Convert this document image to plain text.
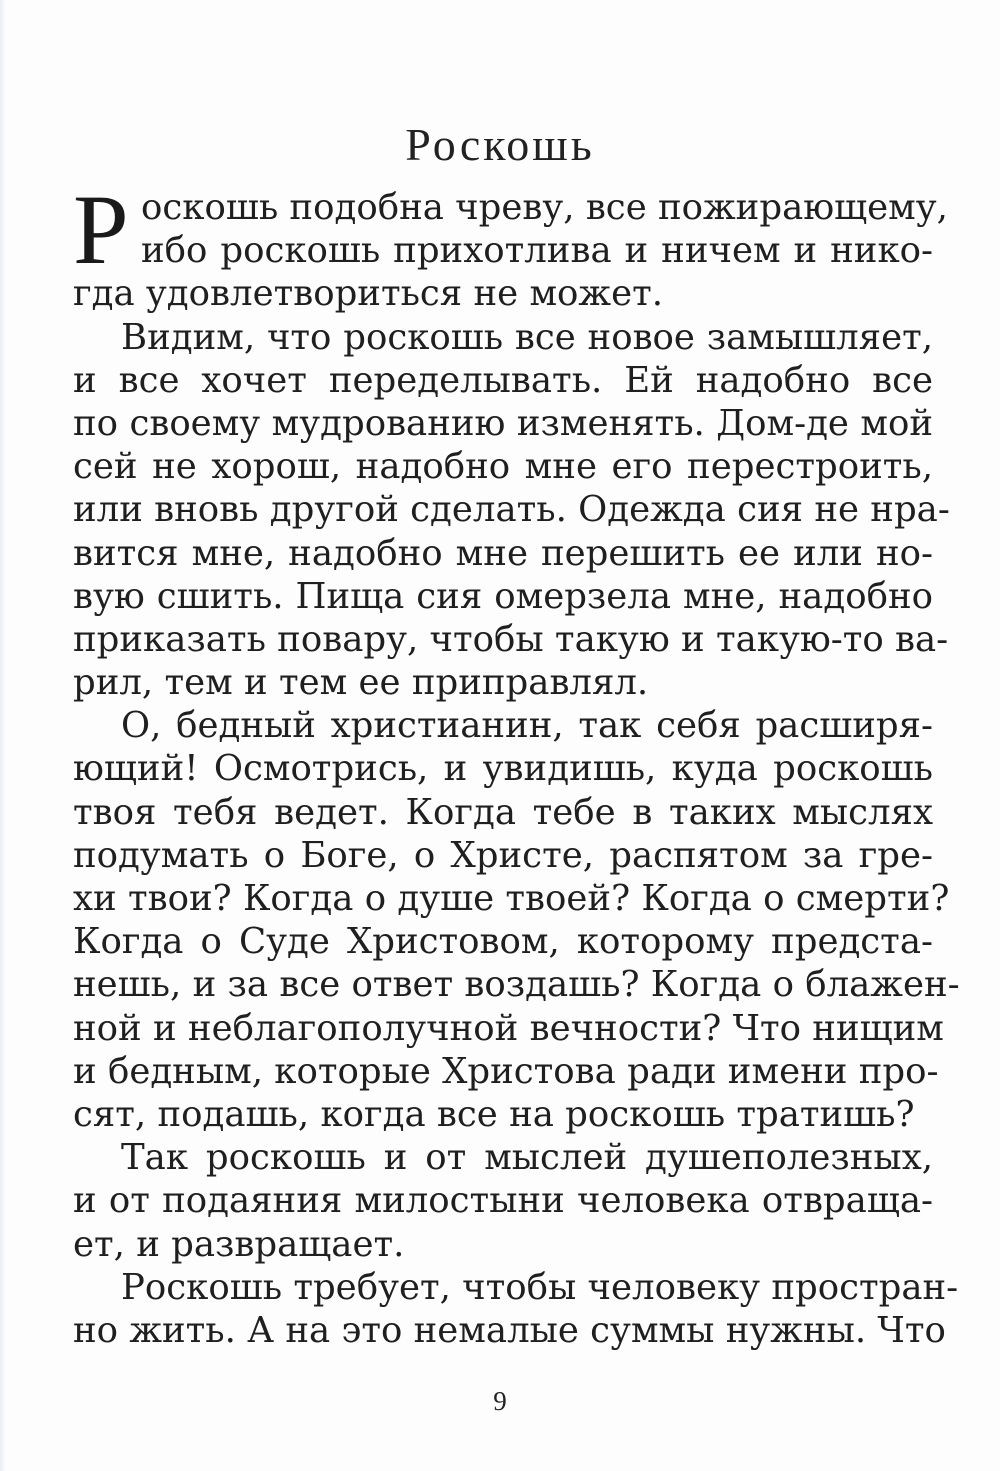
Роскошь
Р оскошь подобна чреву, все пожирающему,
ибо роскошь прихотлива и ничем и нико-
гда удовлетвориться не может.
Видим, что роскошь все новое замышляет,
и все хочет переделывать. Ей надобно все
по своему мудрованию изменять. Дом-де мой
сей не хорош, надобно мне его перестроить,
или вновь другой сделать. Одежда сия не нра-
вится мне, надобно мне перешить ее или но-
вую сшить. Пища сия омерзела мне, надобно
приказать повару, чтобы такую и такую-то ва-
рил, тем и тем ее приправлял.
О, бедный христианин, так себя расширя-
ющий! Осмотрись, и увидишь, куда роскошь
твоя тебя ведет. Когда тебе в таких мыслях
подумать о Боге, о Христе, распятом за гре-
хи твои? Когда о душе твоей? Когда о смерти?
Когда о Суде Христовом, которому предста-
нешь, и за все ответ воздашь? Когда о блажен-
ной и неблагополучной вечности? Что нищим
и бедным, которые Христова ради имени про-
сят, подашь, когда все на роскошь тратишь?
Так роскошь и от мыслей душеполезных,
и от подаяния милостыни человека отвраща-
ет, и развращает.
Роскошь требует, чтобы человеку простран-
но жить. А на это немалые суммы нужны. Что
9
